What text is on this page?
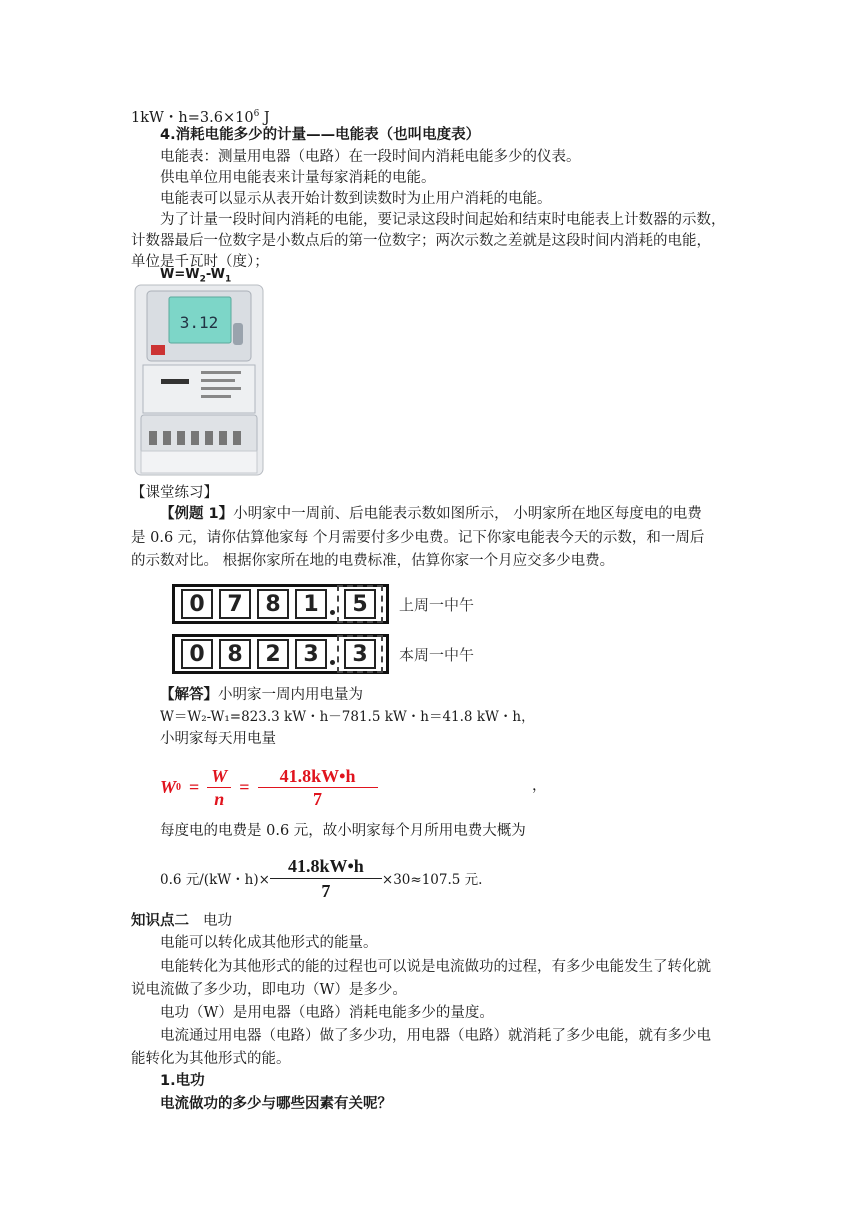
1kW・$h=3.6\times 10^6$ J
4.消耗电能多少的计量——电能表（也叫电度表）
电能表：测量用电器（电路）在一段时间内消耗电能多少的仪表。
供电单位用电能表来计量每家消耗的电能。
电能表可以显示从表开始计数到读数时为止用户消耗的电能。
为了计量一段时间内消耗的电能，要记录这段时间起始和结束时电能表上计数器的示数，
计数器最后一位数字是小数点后的第一位数字；两次示数之差就是这段时间内消耗的电能，
单位是千瓦时（度）；
$W=W_2-W_1$
3.12
【课堂练习】
【例题 1】小明家中一周前、后电能表示数如图所示， 小明家所在地区每度电的电费
是 0.6 元，请你估算他家每 个月需要付多少电费。记下你家电能表今天的示数，和一周后
的示数对比。 根据你家所在地的电费标准，估算你家一个月应交多少电费。
0	7	8	1	5	上周一中午
0	8	2	3	3	本周一中午
【解答】小明家一周内用电量为
W＝W₂-W₁=823.3 kW・h－781.5 kW・h＝41.8 kW・h，
小明家每天用电量
W 0 =
W
n
=
41.8kW•h
7
，
每度电的电费是 0.6 元，故小明家每个月所用电费大概为
0.6 元/(kW・h)×
41.8kW•h
7
×30≈107.5 元.
知识点二 电功
电能可以转化成其他形式的能量。
电能转化为其他形式的能的过程也可以说是电流做功的过程，有多少电能发生了转化就
说电流做了多少功，即电功（W）是多少。
电功（W）是用电器（电路）消耗电能多少的量度。
电流通过用电器（电路）做了多少功，用电器（电路）就消耗了多少电能，就有多少电
能转化为其他形式的能。
1.电功
电流做功的多少与哪些因素有关呢？
